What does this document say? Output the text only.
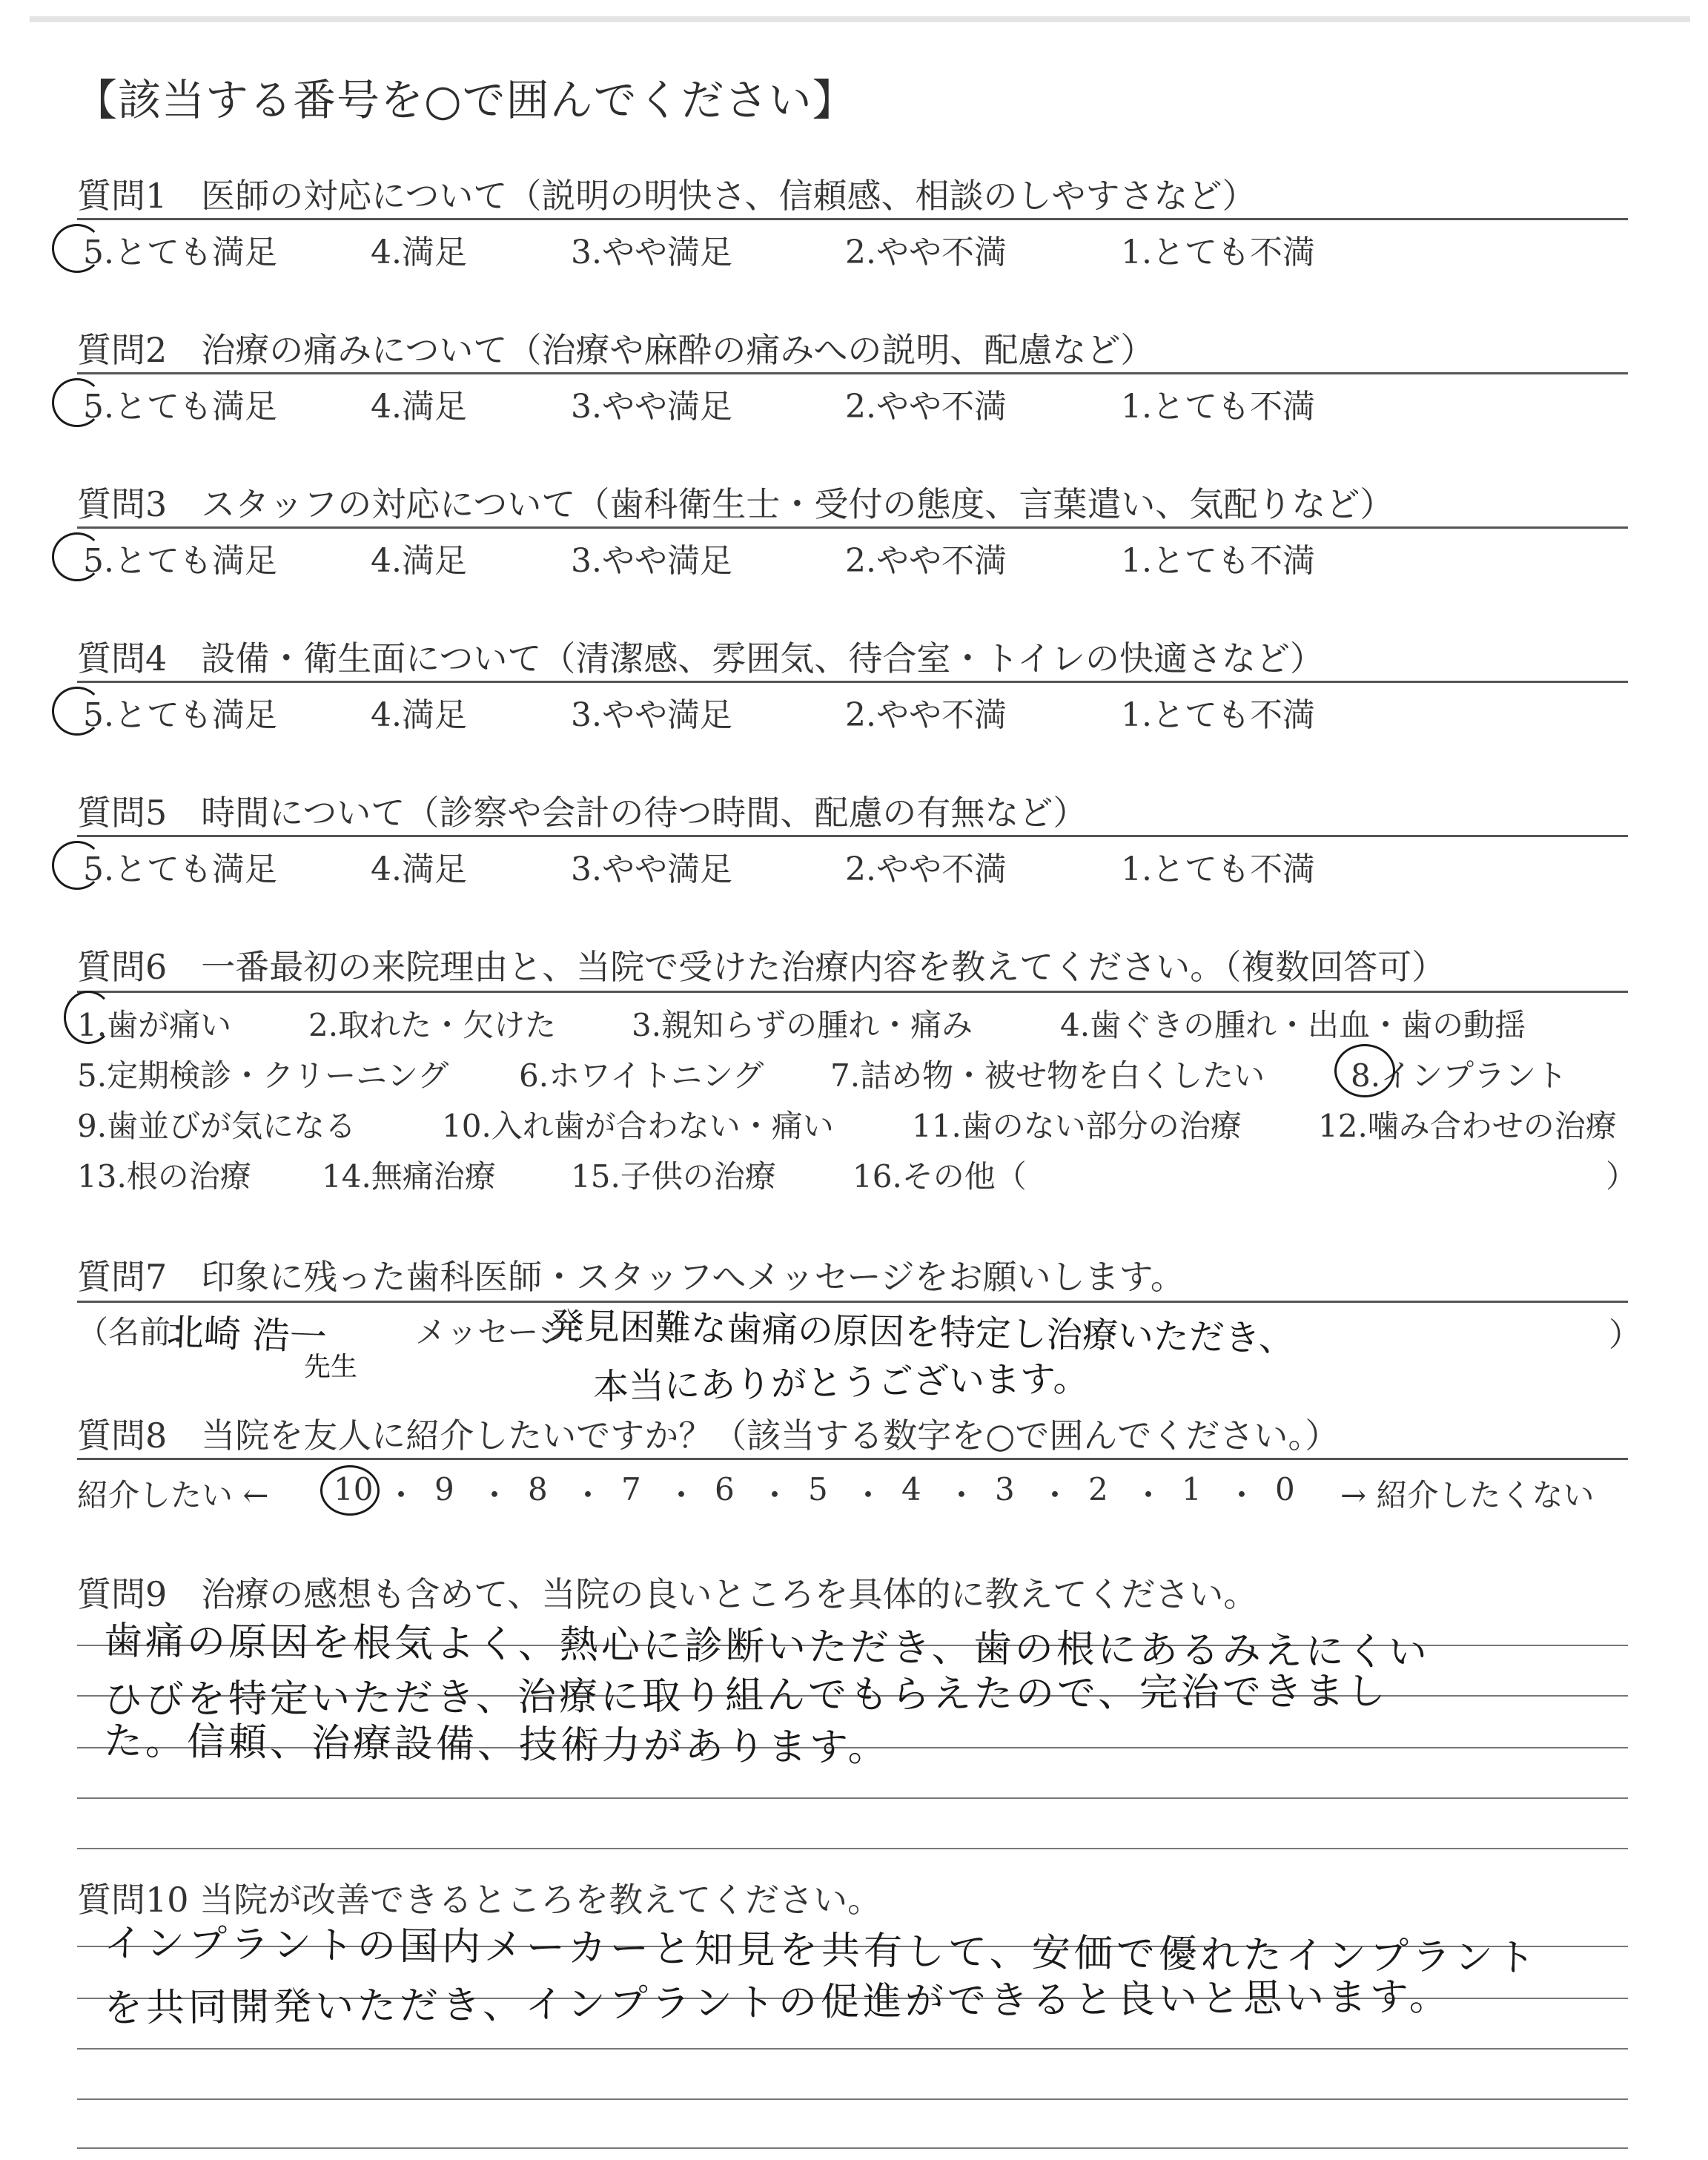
【該当する番号を○で囲んでください】
質問1　医師の対応について（説明の明快さ、信頼感、相談のしやすさなど）
5.とても満足	4.満足	3.やや満足	2.やや不満	1.とても不満
質問2　治療の痛みについて（治療や麻酔の痛みへの説明、配慮など）
5.とても満足	4.満足	3.やや満足	2.やや不満	1.とても不満
質問3　スタッフの対応について（歯科衛生士・受付の態度、言葉遣い、気配りなど）
5.とても満足	4.満足	3.やや満足	2.やや不満	1.とても不満
質問4　設備・衛生面について（清潔感、雰囲気、待合室・トイレの快適さなど）
5.とても満足	4.満足	3.やや満足	2.やや不満	1.とても不満
質問5　時間について（診察や会計の待つ時間、配慮の有無など）
5.とても満足	4.満足	3.やや満足	2.やや不満	1.とても不満
質問6　一番最初の来院理由と、当院で受けた治療内容を教えてください。（複数回答可）
1.歯が痛い 2.取れた・欠けた 3.親知らずの腫れ・痛み	4.歯ぐきの腫れ・出血・歯の動揺
5.定期検診・クリーニング 6.ホワイトニング 7.詰め物・被せ物を白くしたい	8.インプラント
9.歯並びが気になる	10.入れ歯が合わない・痛い	11.歯のない部分の治療 12.噛み合わせの治療
13.根の治療 14.無痛治療 15.子供の治療 16.その他（	）
質問7　印象に残った歯科医師・スタッフへメッセージをお願いします。
（名前：
北崎 浩一
先生
メッセージ：
発見困難な歯痛の原因を特定し治療いただき、
本当にありがとうございます。
）
質問8　当院を友人に紹介したいですか？（該当する数字を○で囲んでください。）
紹介したい ← 10 ・ 9 ・ 8 ・ 7 ・ 6 ・ 5 ・ 4 ・ 3 ・ 2 ・ 1 ・ 0 → 紹介したくない
質問9　治療の感想も含めて、当院の良いところを具体的に教えてください。
歯痛の原因を根気よく、熱心に診断いただき、歯の根にあるみえにくい
ひびを特定いただき、治療に取り組んでもらえたので、完治できまし
た。信頼、治療設備、技術力があります。
質問10 当院が改善できるところを教えてください。
インプラントの国内メーカーと知見を共有して、安価で優れたインプラント
を共同開発いただき、インプラントの促進ができると良いと思います。
